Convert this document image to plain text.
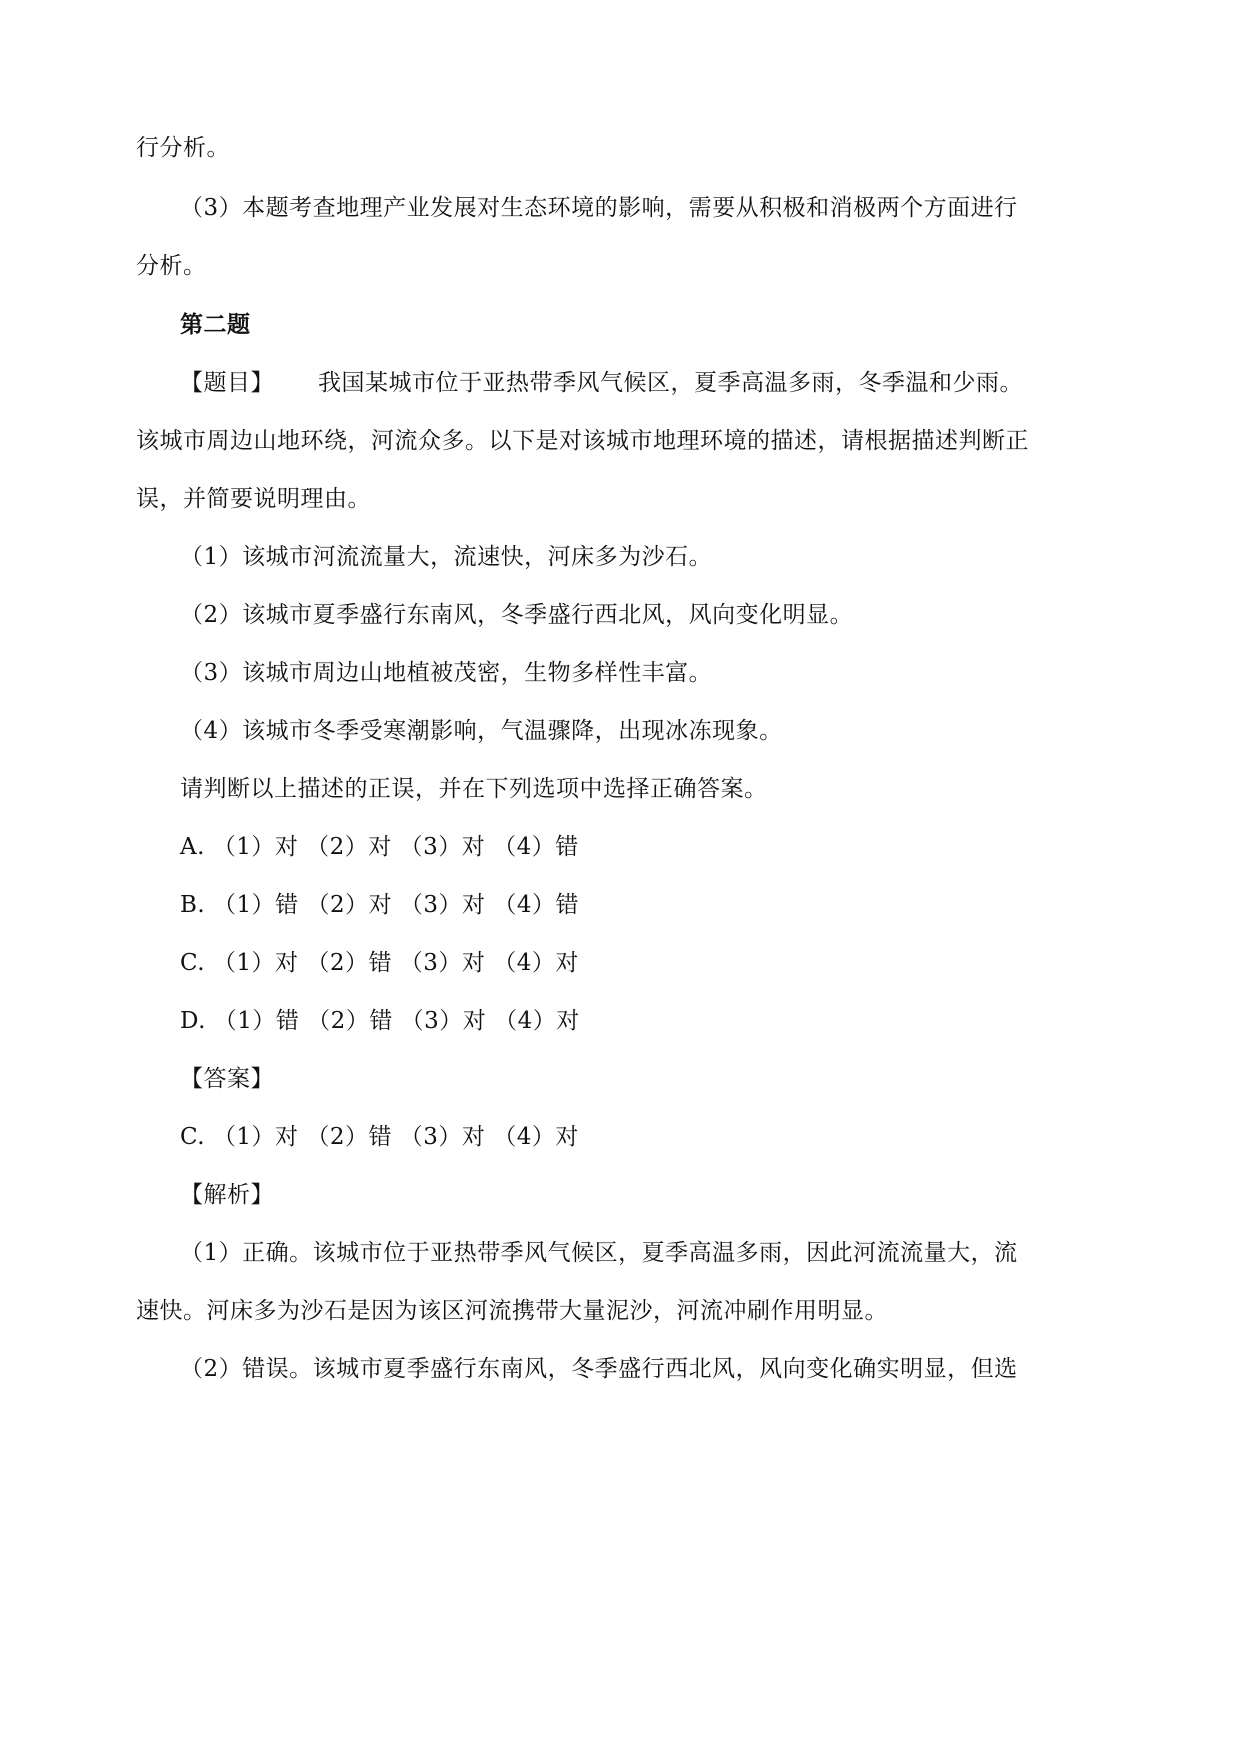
行分析。
（3）本题考查地理产业发展对生态环境的影响，需要从积极和消极两个方面进行
分析。
第二题
【题目】 我国某城市位于亚热带季风气候区，夏季高温多雨，冬季温和少雨。
该城市周边山地环绕，河流众多。以下是对该城市地理环境的描述，请根据描述判断正
误，并简要说明理由。
（1）该城市河流流量大，流速快，河床多为沙石。
（2）该城市夏季盛行东南风，冬季盛行西北风，风向变化明显。
（3）该城市周边山地植被茂密，生物多样性丰富。
（4）该城市冬季受寒潮影响，气温骤降，出现冰冻现象。
请判断以上描述的正误，并在下列选项中选择正确答案。
A. （1）对 （2）对 （3）对 （4）错
B. （1）错 （2）对 （3）对 （4）错
C. （1）对 （2）错 （3）对 （4）对
D. （1）错 （2）错 （3）对 （4）对
【答案】
C. （1）对 （2）错 （3）对 （4）对
【解析】
（1）正确。该城市位于亚热带季风气候区，夏季高温多雨，因此河流流量大，流
速快。河床多为沙石是因为该区河流携带大量泥沙，河流冲刷作用明显。
（2）错误。该城市夏季盛行东南风，冬季盛行西北风，风向变化确实明显，但选
